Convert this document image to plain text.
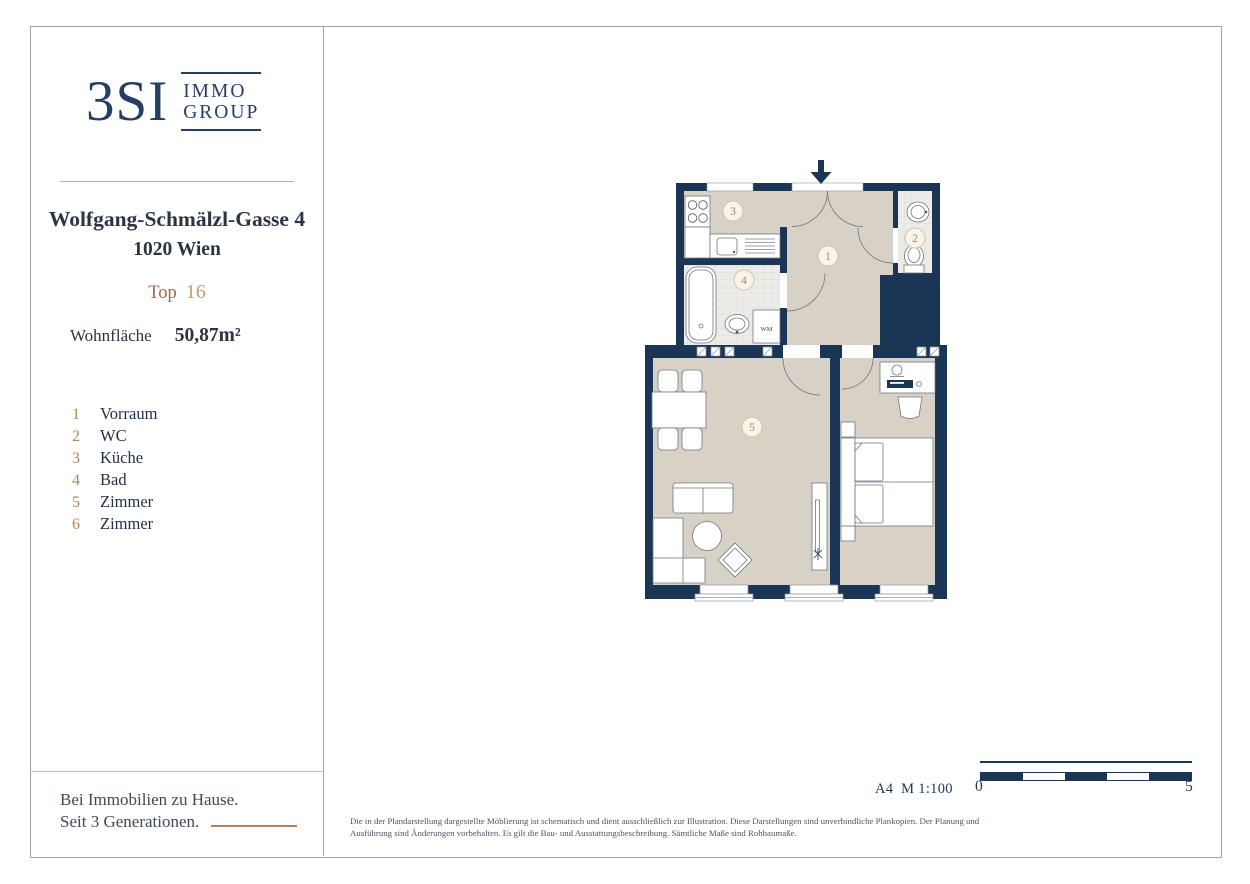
3SI IMMO
GROUP
Wolfgang-Schmälzl-Gasse 4
1020 Wien
Top 16
Wohnfläche 50,87m²
1	Vorraum
2	WC
3	Küche
4	Bad
5	Zimmer
6	Zimmer
Bei Immobilien zu Hause.
Seit 3 Generationen.
WM
1
2
3
4
5
A4  M 1:100 0	5
Die in der Plandarstellung dargestellte Möblierung ist schematisch und dient ausschließlich zur Illustration. Diese Darstellungen sind unverbindliche Plankopien. Der Planung und Ausführung sind Änderungen vorbehalten. Es gilt die Bau- und Ausstattungsbeschreibung. Sämtliche Maße sind Rohbaumaße.
